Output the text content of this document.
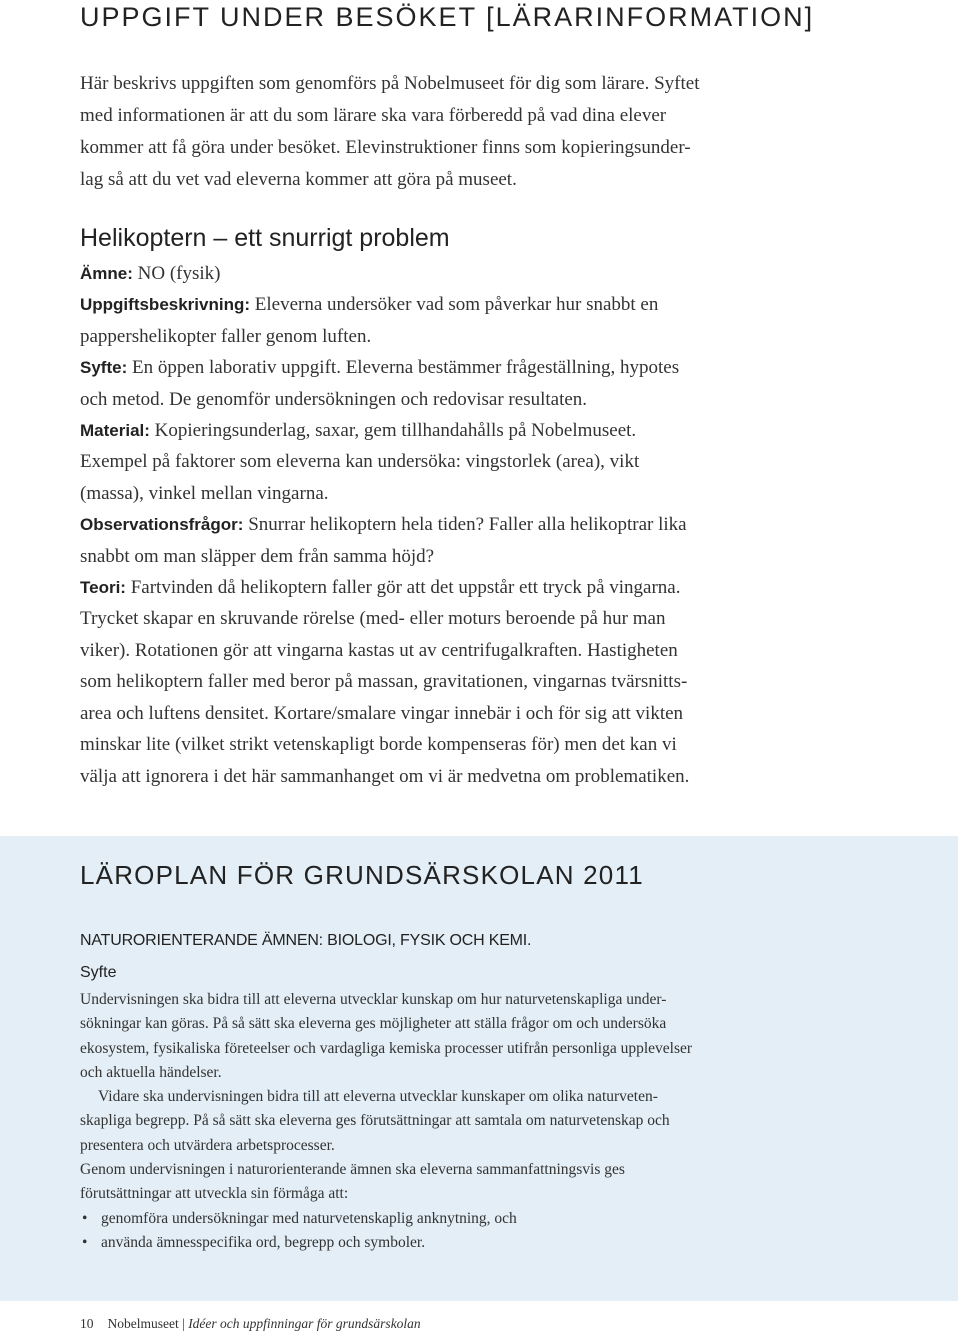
UPPGIFT UNDER BESÖKET [LÄRARINFORMATION]
Här beskrivs uppgiften som genomförs på Nobelmuseet för dig som lärare. Syftet
med informationen är att du som lärare ska vara förberedd på vad dina elever
kommer att få göra under besöket. Elevinstruktioner finns som kopieringsunder-
lag så att du vet vad eleverna kommer att göra på museet.
Helikoptern – ett snurrigt problem

Ämne: NO (fysik)

Uppgiftsbeskrivning: Eleverna undersöker vad som påverkar hur snabbt en
pappershelikopter faller genom luften.

Syfte: En öppen laborativ uppgift. Eleverna bestämmer frågeställning, hypotes
och metod. De genomför undersökningen och redovisar resultaten.

Material: Kopieringsunderlag, saxar, gem tillhandahålls på Nobelmuseet.

Exempel på faktorer som eleverna kan undersöka: vingstorlek (area), vikt
(massa), vinkel mellan vingarna.

Observationsfrågor: Snurrar helikoptern hela tiden? Faller alla helikoptrar lika
snabbt om man släpper dem från samma höjd?

Teori: Fartvinden då helikoptern faller gör att det uppstår ett tryck på vingarna.
Trycket skapar en skruvande rörelse (med- eller moturs beroende på hur man
viker). Rotationen gör att vingarna kastas ut av centrifugalkraften. Hastigheten
som helikoptern faller med beror på massan, gravitationen, vingarnas tvärsnitts-
area och luftens densitet. Kortare/smalare vingar innebär i och för sig att vikten
minskar lite (vilket strikt vetenskapligt borde kompenseras för) men det kan vi
välja att ignorera i det här sammanhanget om vi är medvetna om problematiken.

LÄROPLAN FÖR GRUNDSÄRSKOLAN 2011
NATURORIENTERANDE ÄMNEN: BIOLOGI, FYSIK OCH KEMI.
Syfte

Undervisningen ska bidra till att eleverna utvecklar kunskap om hur naturvetenskapliga under-
sökningar kan göras. På så sätt ska eleverna ges möjligheter att ställa frågor om och undersöka
ekosystem, fysikaliska företeelser och vardagliga kemiska processer utifrån personliga upplevelser
och aktuella händelser.

Vidare ska undervisningen bidra till att eleverna utvecklar kunskaper om olika naturveten-
skapliga begrepp. På så sätt ska eleverna ges förutsättningar att samtala om naturvetenskap och
presentera och utvärdera arbetsprocesser.

Genom undervisningen i naturorienterande ämnen ska eleverna sammanfattningsvis ges
förutsättningar att utveckla sin förmåga att:

• genomföra undersökningar med naturvetenskaplig anknytning, och
• använda ämnesspecifika ord, begrepp och symboler.
10 Nobelmuseet | Idéer och uppfinningar för grundsärskolan
